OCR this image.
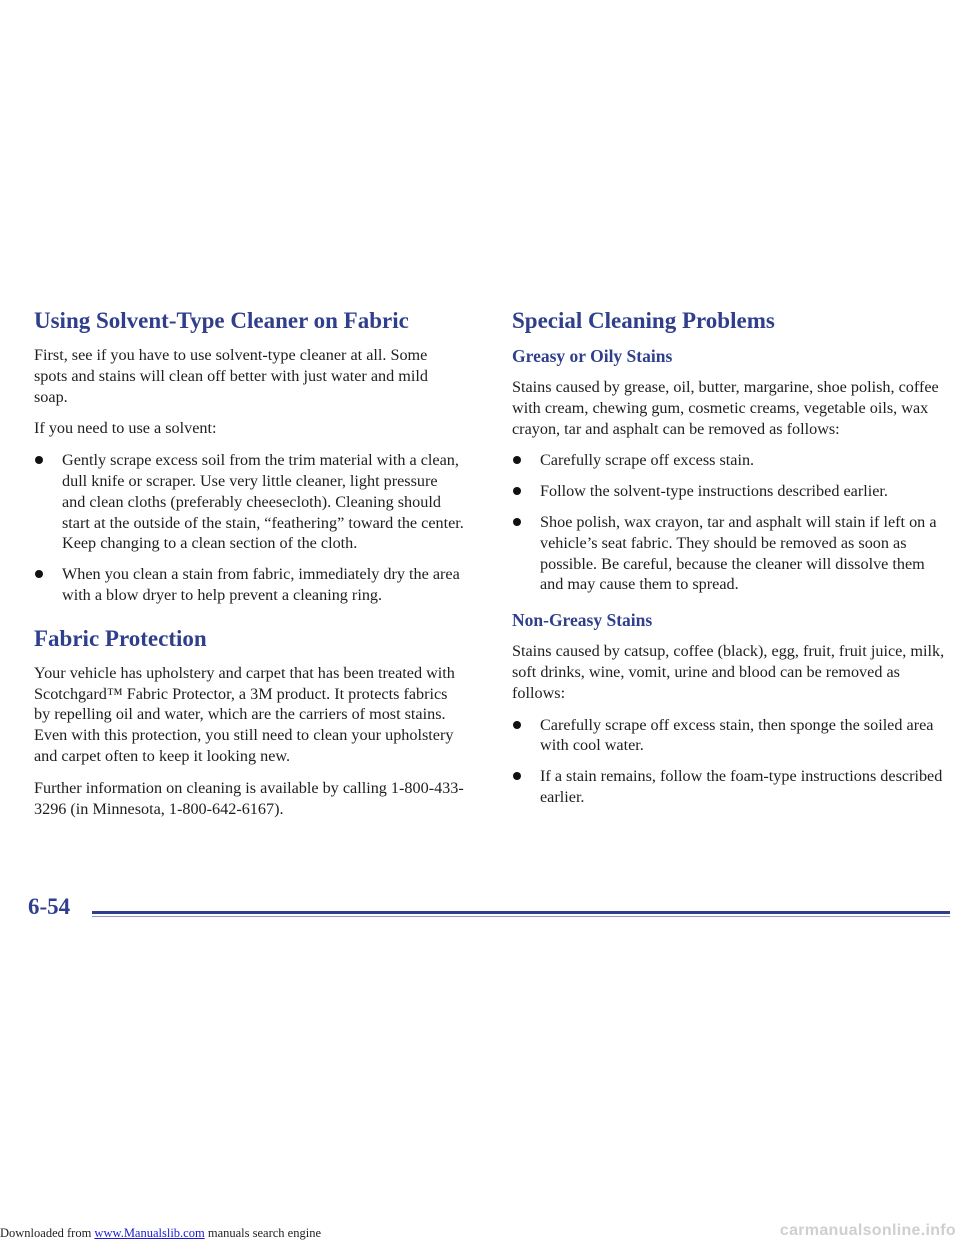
Using Solvent-Type Cleaner on Fabric

First, see if you have to use solvent-type cleaner at all. Some spots and stains will clean off better with just water and mild soap.

If you need to use a solvent:

Gently scrape excess soil from the trim material with a clean, dull knife or scraper. Use very little cleaner, light pressure and clean cloths (preferably cheesecloth). Cleaning should start at the outside of the stain, “feathering” toward the center. Keep changing to a clean section of the cloth.
When you clean a stain from fabric, immediately dry the area with a blow dryer to help prevent a cleaning ring.
Fabric Protection

Your vehicle has upholstery and carpet that has been treated with Scotchgard™ Fabric Protector, a 3M product. It protects fabrics by repelling oil and water, which are the carriers of most stains. Even with this protection, you still need to clean your upholstery and carpet often to keep it looking new.

Further information on cleaning is available by calling 1-800-433-3296 (in Minnesota, 1-800-642-6167).

Special Cleaning Problems
Greasy or Oily Stains

Stains caused by grease, oil, butter, margarine, shoe polish, coffee with cream, chewing gum, cosmetic creams, vegetable oils, wax crayon, tar and asphalt can be removed as follows:

Carefully scrape off excess stain.
Follow the solvent-type instructions described earlier.
Shoe polish, wax crayon, tar and asphalt will stain if left on a vehicle’s seat fabric. They should be removed as soon as possible. Be careful, because the cleaner will dissolve them and may cause them to spread.
Non-Greasy Stains

Stains caused by catsup, coffee (black), egg, fruit, fruit juice, milk, soft drinks, wine, vomit, urine and blood can be removed as follows:

Carefully scrape off excess stain, then sponge the soiled area with cool water.
If a stain remains, follow the foam-type instructions described earlier.
6-54
Downloaded from www.Manualslib.com manuals search engine	carmanualsonline.info
